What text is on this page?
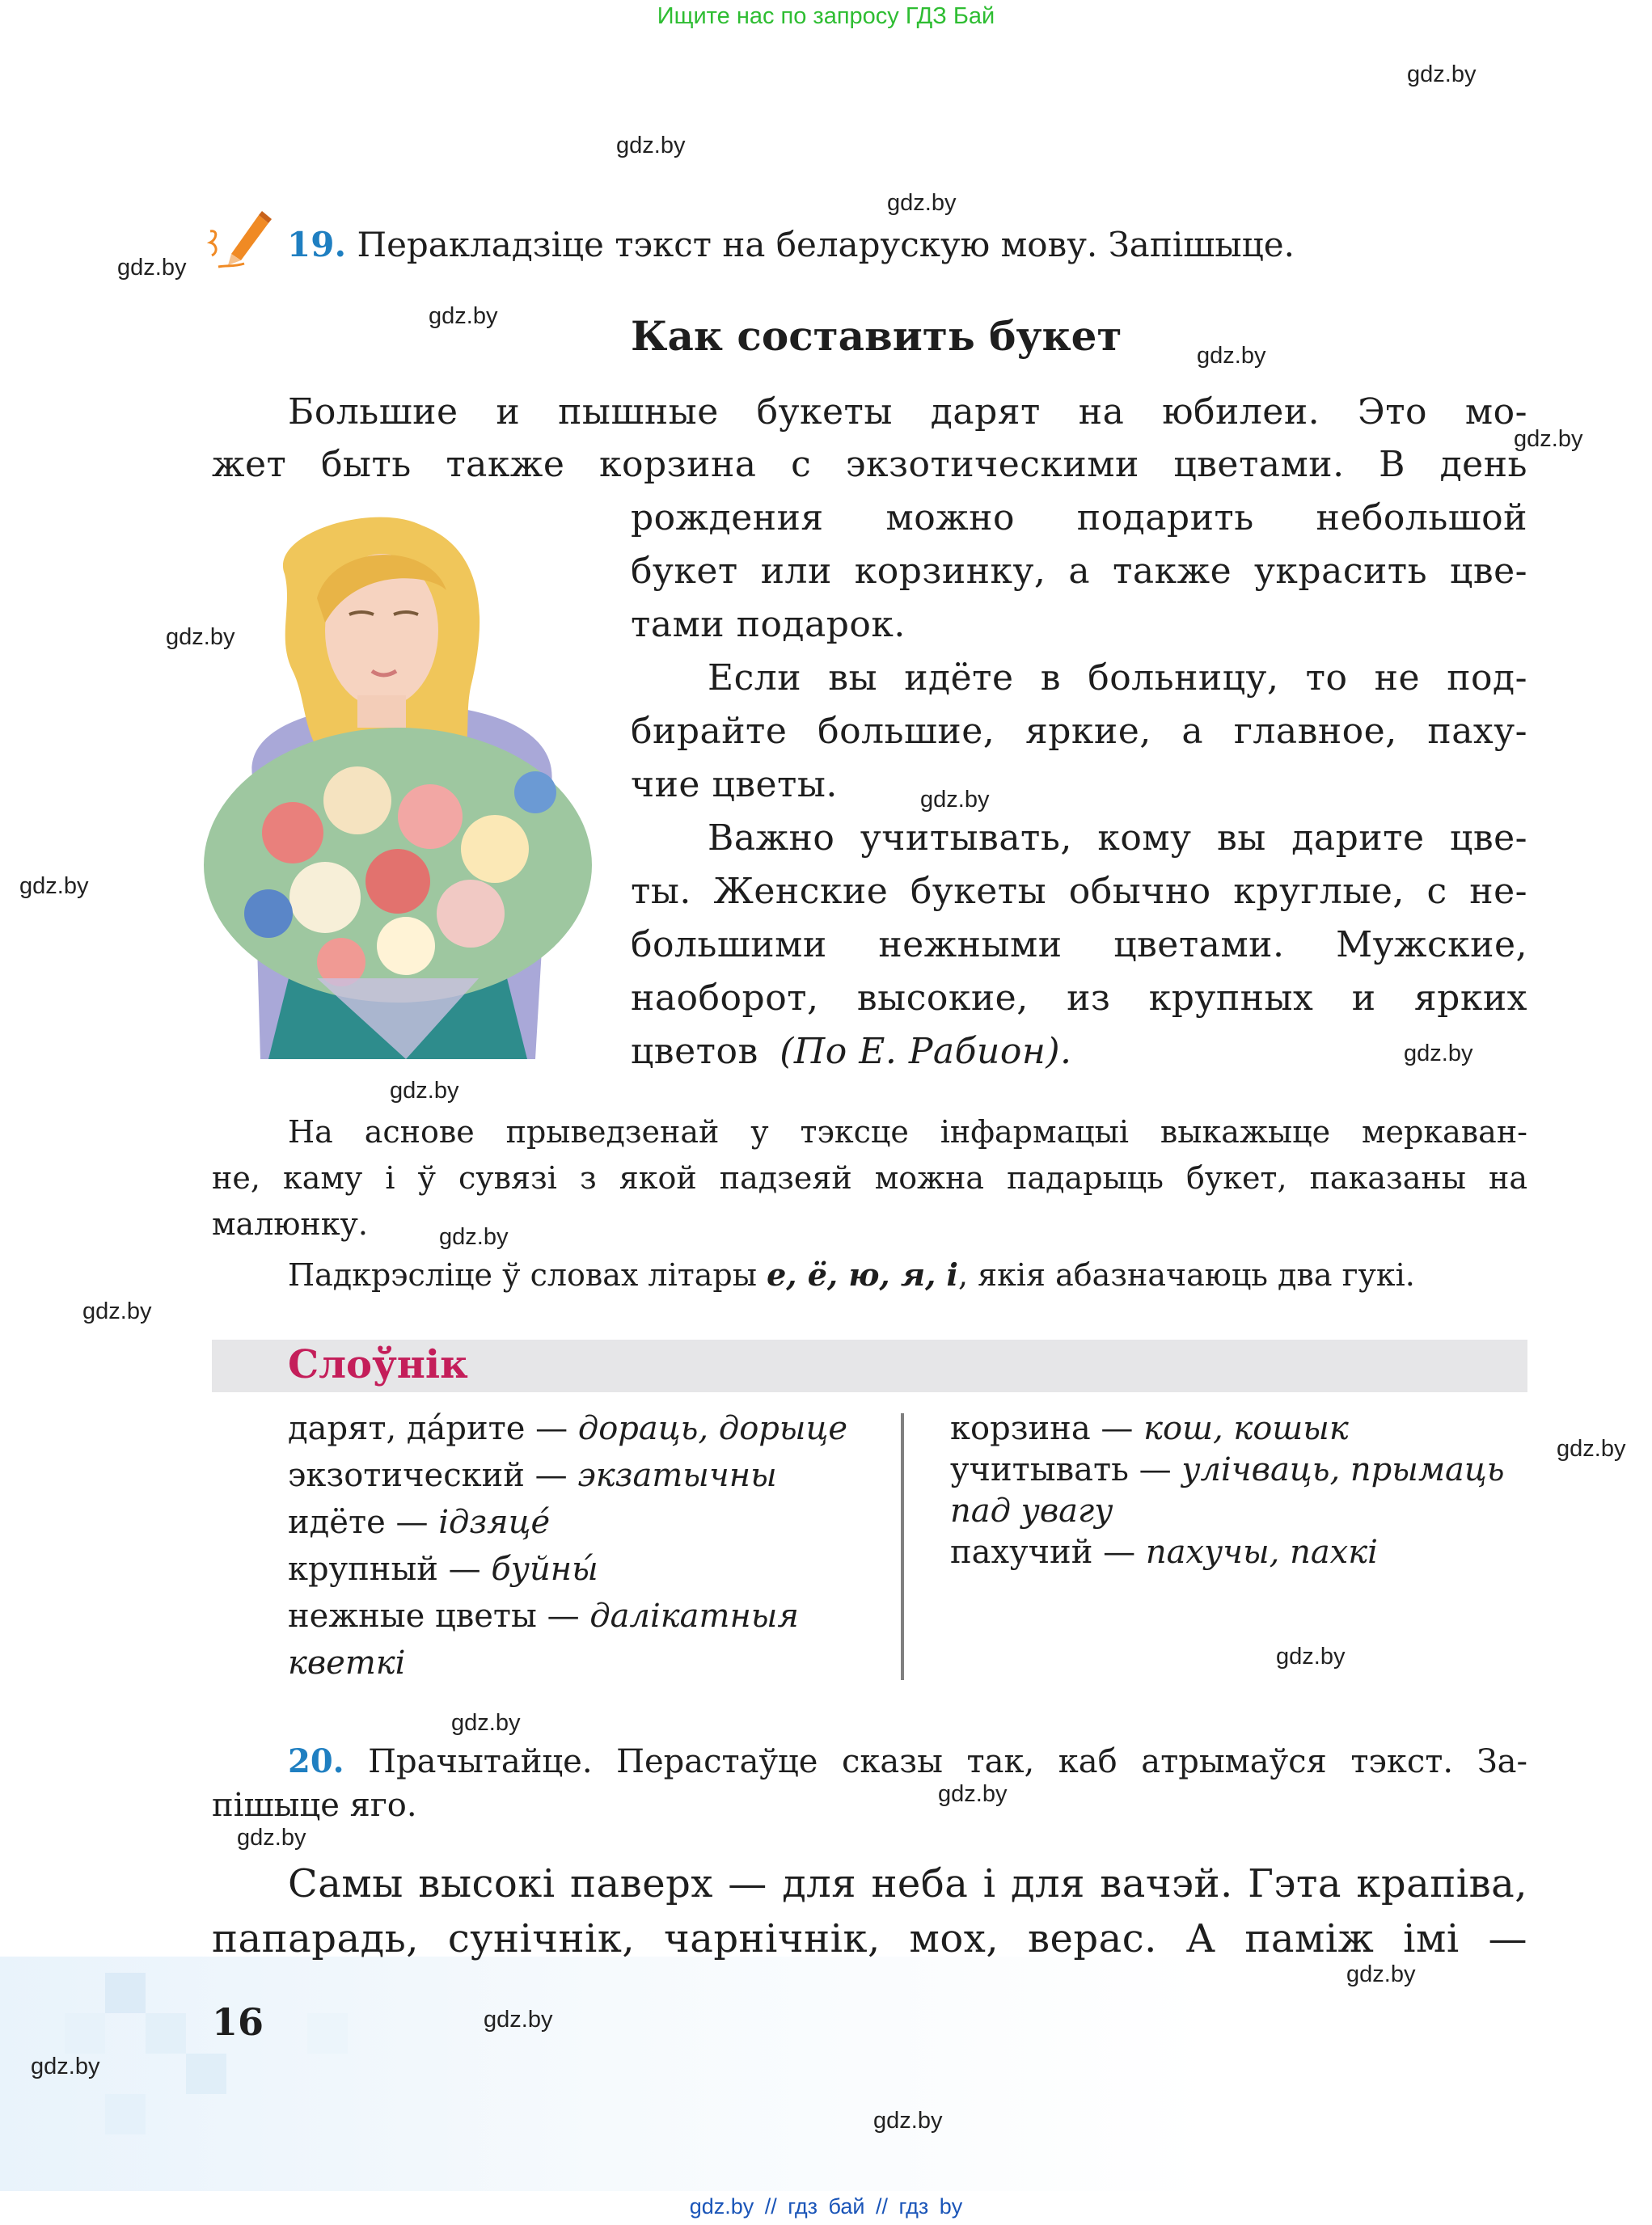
Ищите нас по запросу ГДЗ Бай
gdz.by
gdz.by
gdz.by
gdz.by
gdz.by
gdz.by
gdz.by
gdz.by
gdz.by
gdz.by
gdz.by
gdz.by
gdz.by
gdz.by
gdz.by
gdz.by
gdz.by
gdz.by
gdz.by
gdz.by
gdz.by
gdz.by
gdz.by
19. Перакладзіце тэкст на беларускую мову. Запішыце.
Как составить букет
Большие и пышные букеты дарят на юбилеи. Это мо-
жет быть также корзина с экзотическими цветами. В день
рождения можно подарить небольшой
букет или корзинку, а также украсить цве-
тами подарок.
Если вы идёте в больницу, то не под-
бирайте большие, яркие, а главное, паху-
чие цветы.
Важно учитывать, кому вы дарите цве-
ты. Женские букеты обычно круглые, с не-
большими нежными цветами. Мужские,
наоборот, высокие, из крупных и ярких
цветов (По Е. Рабион).
На аснове прыведзенай у тэксце інфармацыі выкажыце меркаван-
не, каму і ў сувязі з якой падзеяй можна падарыць букет, паказаны на
малюнку.
Падкрэсліце ў словах літары е, ё, ю, я, і, якія абазначаюць два гукі.
Слоўнік
дарят, да́рите — дораць, дорыце
экзотический — экзатычны
идёте — ідзяце́
крупный — буйны́
нежные цветы — далікатныя
кветкі
корзина — кош, кошык
учитывать — улічваць, прымаць
пад увагу
пахучий — пахучы, пахкі
20. Прачытайце. Перастаўце сказы так, каб атрымаўся тэкст. За-
пішыце яго.
Самы высокі паверх — для неба і для вачэй. Гэта крапіва,
папарадь, сунічнік, чарнічнік, мох, верас. А паміж імі —
16
gdz.by // гдз бай // гдз by
